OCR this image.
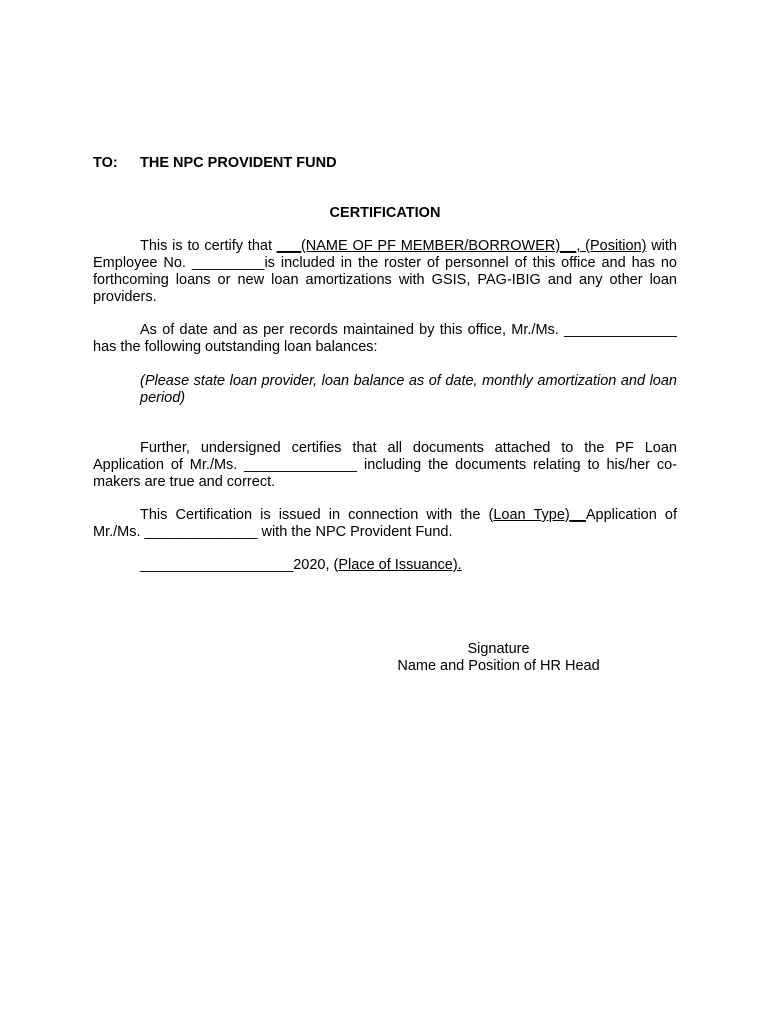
TO: THE NPC PROVIDENT FUND
CERTIFICATION
This is to certify that ___(NAME OF PF MEMBER/BORROWER)__, (Position) with Employee No. _________is included in the roster of personnel of this office and has no forthcoming loans or new loan amortizations with GSIS, PAG-IBIG and any other loan providers.
As of date and as per records maintained by this office, Mr./Ms. ______________ has the following outstanding loan balances:
(Please state loan provider, loan balance as of date, monthly amortization and loan period)
Further, undersigned certifies that all documents attached to the PF Loan Application of Mr./Ms. ______________ including the documents relating to his/her co-makers are true and correct.
This Certification is issued in connection with the (Loan Type)__Application of Mr./Ms. ______________ with the NPC Provident Fund.
___________________2020, (Place of Issuance).
Signature
Name and Position of HR Head
